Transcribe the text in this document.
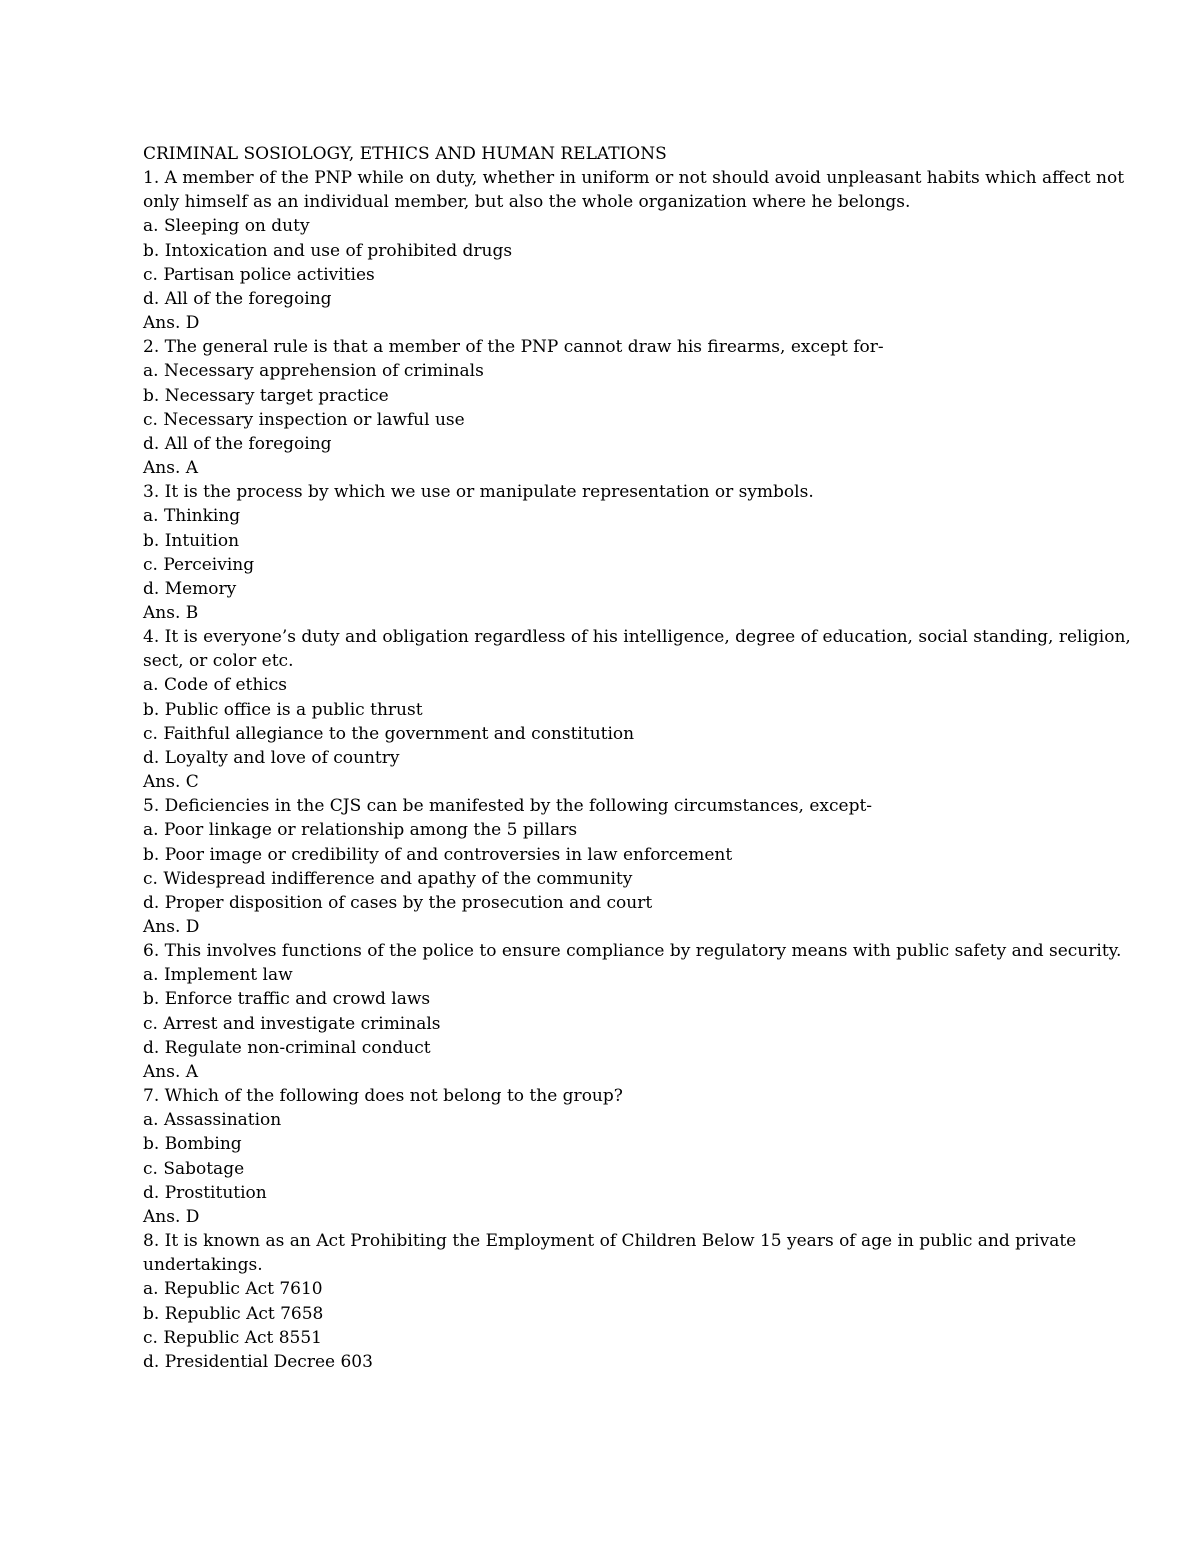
CRIMINAL SOSIOLOGY, ETHICS AND HUMAN RELATIONS
1. A member of the PNP while on duty, whether in uniform or not should avoid unpleasant habits which affect not only himself as an individual member, but also the whole organization where he belongs.
a. Sleeping on duty
b. Intoxication and use of prohibited drugs
c. Partisan police activities
d. All of the foregoing
Ans. D
2. The general rule is that a member of the PNP cannot draw his firearms, except for-
a. Necessary apprehension of criminals
b. Necessary target practice
c. Necessary inspection or lawful use
d. All of the foregoing
Ans. A
3. It is the process by which we use or manipulate representation or symbols.
a. Thinking
b. Intuition
c. Perceiving
d. Memory
Ans. B
4. It is everyone’s duty and obligation regardless of his intelligence, degree of education, social standing, religion, sect, or color etc.
a. Code of ethics
b. Public office is a public thrust
c. Faithful allegiance to the government and constitution
d. Loyalty and love of country
Ans. C
5. Deficiencies in the CJS can be manifested by the following circumstances, except-
a. Poor linkage or relationship among the 5 pillars
b. Poor image or credibility of and controversies in law enforcement
c. Widespread indifference and apathy of the community
d. Proper disposition of cases by the prosecution and court
Ans. D
6. This involves functions of the police to ensure compliance by regulatory means with public safety and security.
a. Implement law
b. Enforce traffic and crowd laws
c. Arrest and investigate criminals
d. Regulate non-criminal conduct
Ans. A
7. Which of the following does not belong to the group?
a. Assassination
b. Bombing
c. Sabotage
d. Prostitution
Ans. D
8. It is known as an Act Prohibiting the Employment of Children Below 15 years of age in public and private undertakings.
a. Republic Act 7610
b. Republic Act 7658
c. Republic Act 8551
d. Presidential Decree 603
